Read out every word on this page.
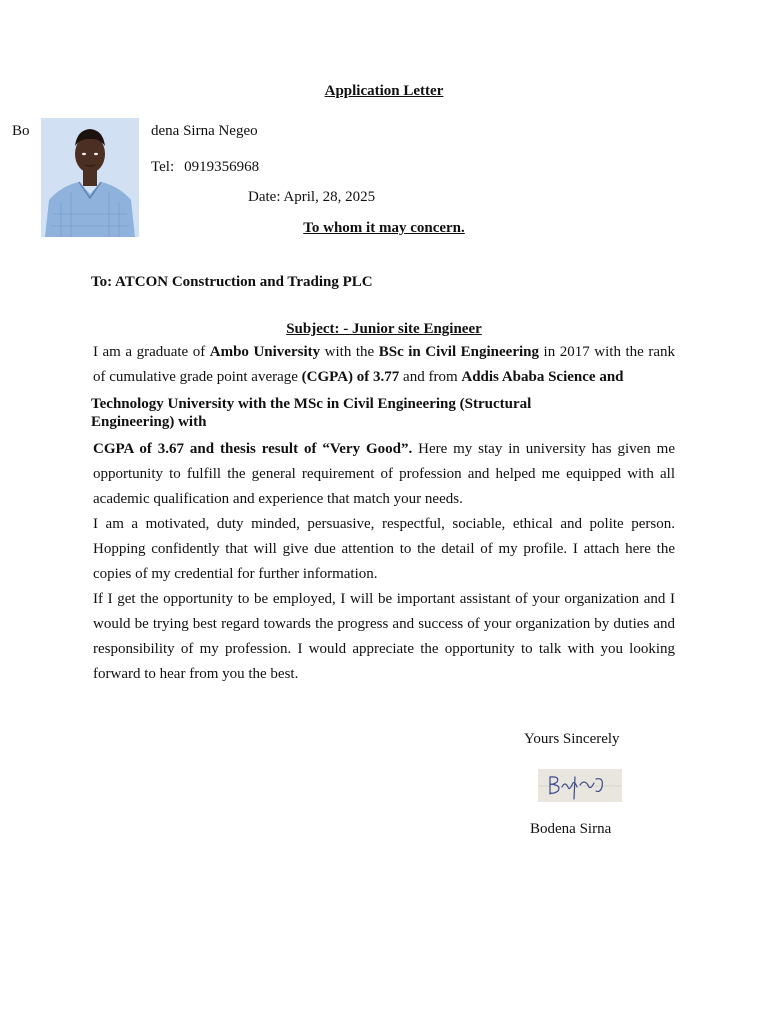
Application Letter
Bo	dena Sirna Negeo
Tel: 0919356968
Date: April, 28, 2025
To whom it may concern.
To: ATCON Construction and Trading PLC
Subject: - Junior site Engineer

I am a graduate of Ambo University with the BSc in Civil Engineering in 2017 with the rank of cumulative grade point average (CGPA) of 3.77 and from Addis Ababa Science and

Technology University with the MSc in Civil Engineering (Structural Engineering) with

CGPA of 3.67 and thesis result of “Very Good”. Here my stay in university has given me opportunity to fulfill the general requirement of profession and helped me equipped with all academic qualification and experience that match your needs.

I am a motivated, duty minded, persuasive, respectful, sociable, ethical and polite person. Hopping confidently that will give due attention to the detail of my profile. I attach here the copies of my credential for further information.

If I get the opportunity to be employed, I will be important assistant of your organization and I would be trying best regard towards the progress and success of your organization by duties and responsibility of my profession. I would appreciate the opportunity to talk with you looking forward to hear from you the best.

Yours Sincerely
Bodena Sirna
